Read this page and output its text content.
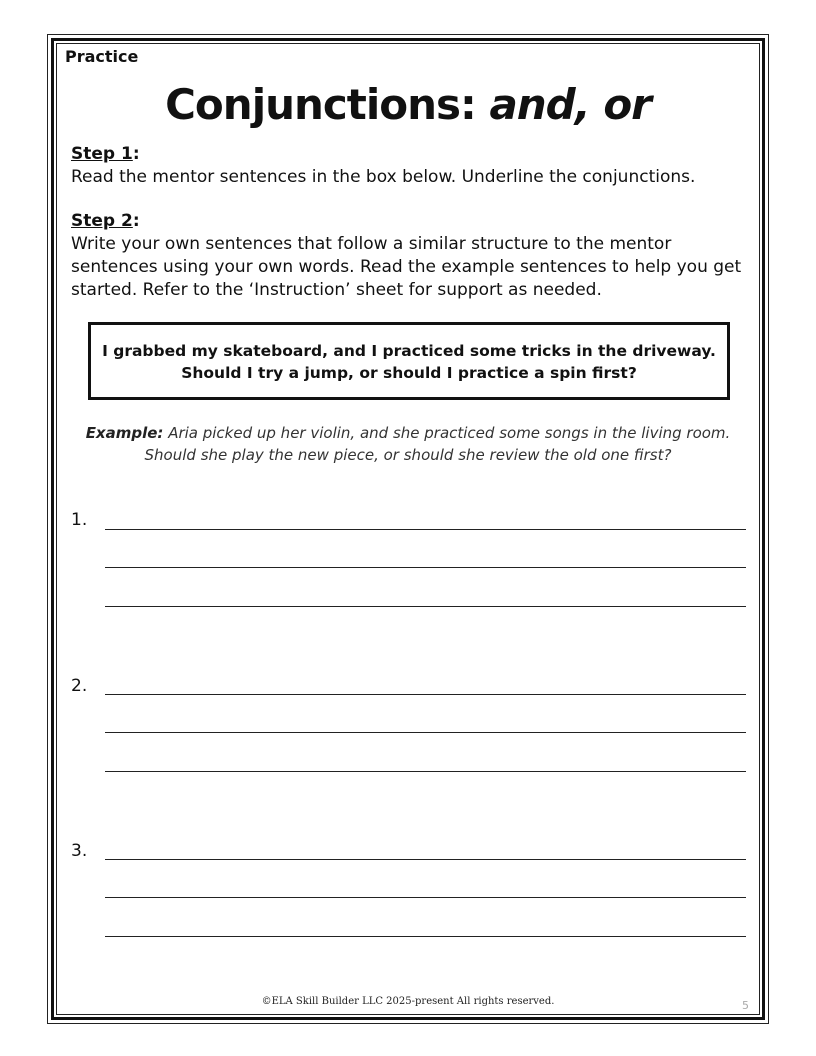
Practice
Conjunctions: and, or
Step 1:
Read the mentor sentences in the box below. Underline the conjunctions.
Step 2:
Write your own sentences that follow a similar structure to the mentor sentences using your own words. Read the example sentences to help you get started. Refer to the ‘Instruction’ sheet for support as needed.
I grabbed my skateboard, and I practiced some tricks in the driveway.
Should I try a jump, or should I practice a spin first?
Example: Aria picked up her violin, and she practiced some songs in the living room. Should she play the new piece, or should she review the old one first?
1.
2.
3.
©ELA Skill Builder LLC 2025-present All rights reserved.	5
